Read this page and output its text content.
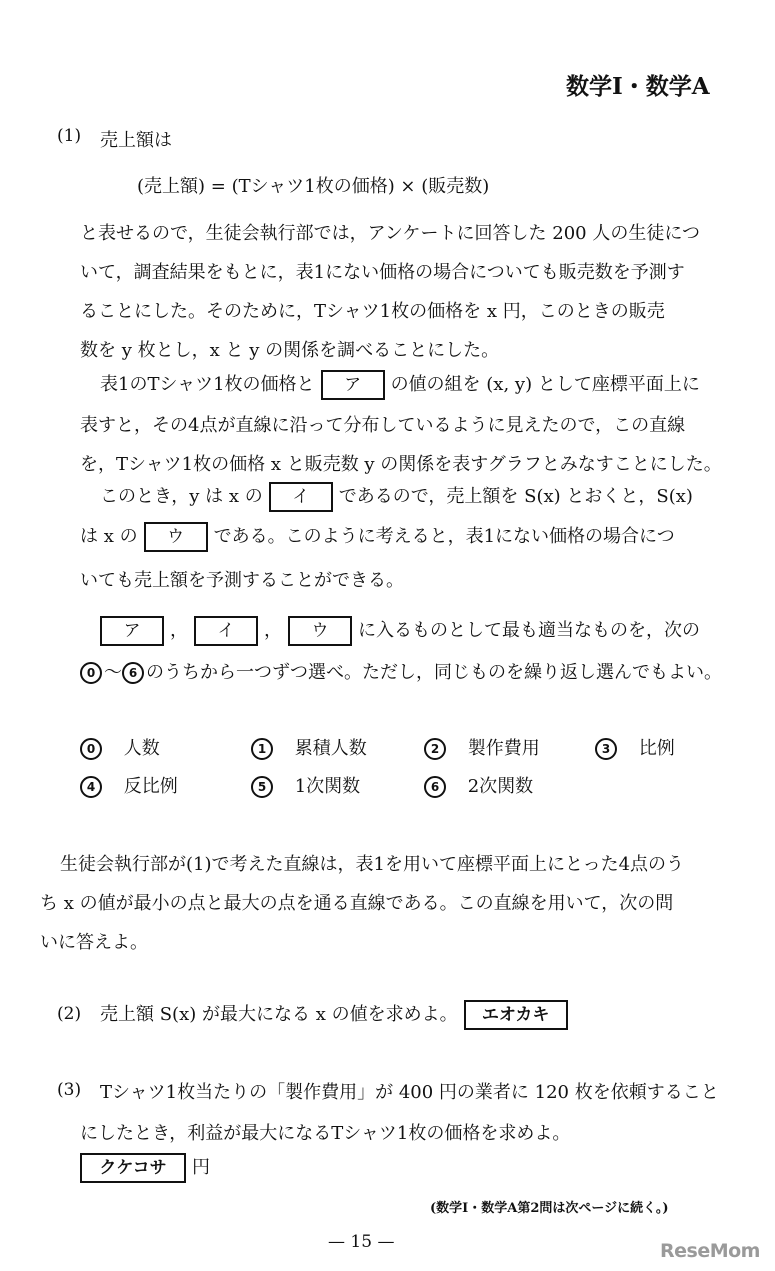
数学Ⅰ・数学A
(1) 売上額は
(売上額) = (Tシャツ1枚の価格) × (販売数)
と表せるので，生徒会執行部では，アンケートに回答した 200 人の生徒につ
いて，調査結果をもとに，表1にない価格の場合についても販売数を予測す
ることにした。そのために，Tシャツ1枚の価格を x 円，このときの販売
数を y 枚とし，x と y の関係を調べることにした。
表1のTシャツ1枚の価格と ア の値の組を (x, y) として座標平面上に
表すと，その4点が直線に沿って分布しているように見えたので，この直線
を，Tシャツ1枚の価格 x と販売数 y の関係を表すグラフとみなすことにした。
このとき，y は x の イ であるので，売上額を S(x) とおくと，S(x)
は x の ウ である。このように考えると，表1にない価格の場合につ
いても売上額を予測することができる。
ア ， イ ， ウ に入るものとして最も適当なものを，次の
0 ～ 6 のうちから一つずつ選べ。ただし，同じものを繰り返し選んでもよい。
0 人数	1 累積人数	2 製作費用	3 比例
4 反比例	5 1次関数	6 2次関数
生徒会執行部が(1)で考えた直線は，表1を用いて座標平面上にとった4点のう
ち x の値が最小の点と最大の点を通る直線である。この直線を用いて，次の問
いに答えよ。
(2) 売上額 S(x) が最大になる x の値を求めよ。 エオカキ
(3) Tシャツ1枚当たりの「製作費用」が 400 円の業者に 120 枚を依頼すること
にしたとき，利益が最大になるTシャツ1枚の価格を求めよ。
クケコサ 円
(数学Ⅰ・数学A第2問は次ページに続く。)
— 15 —	ReseMom
